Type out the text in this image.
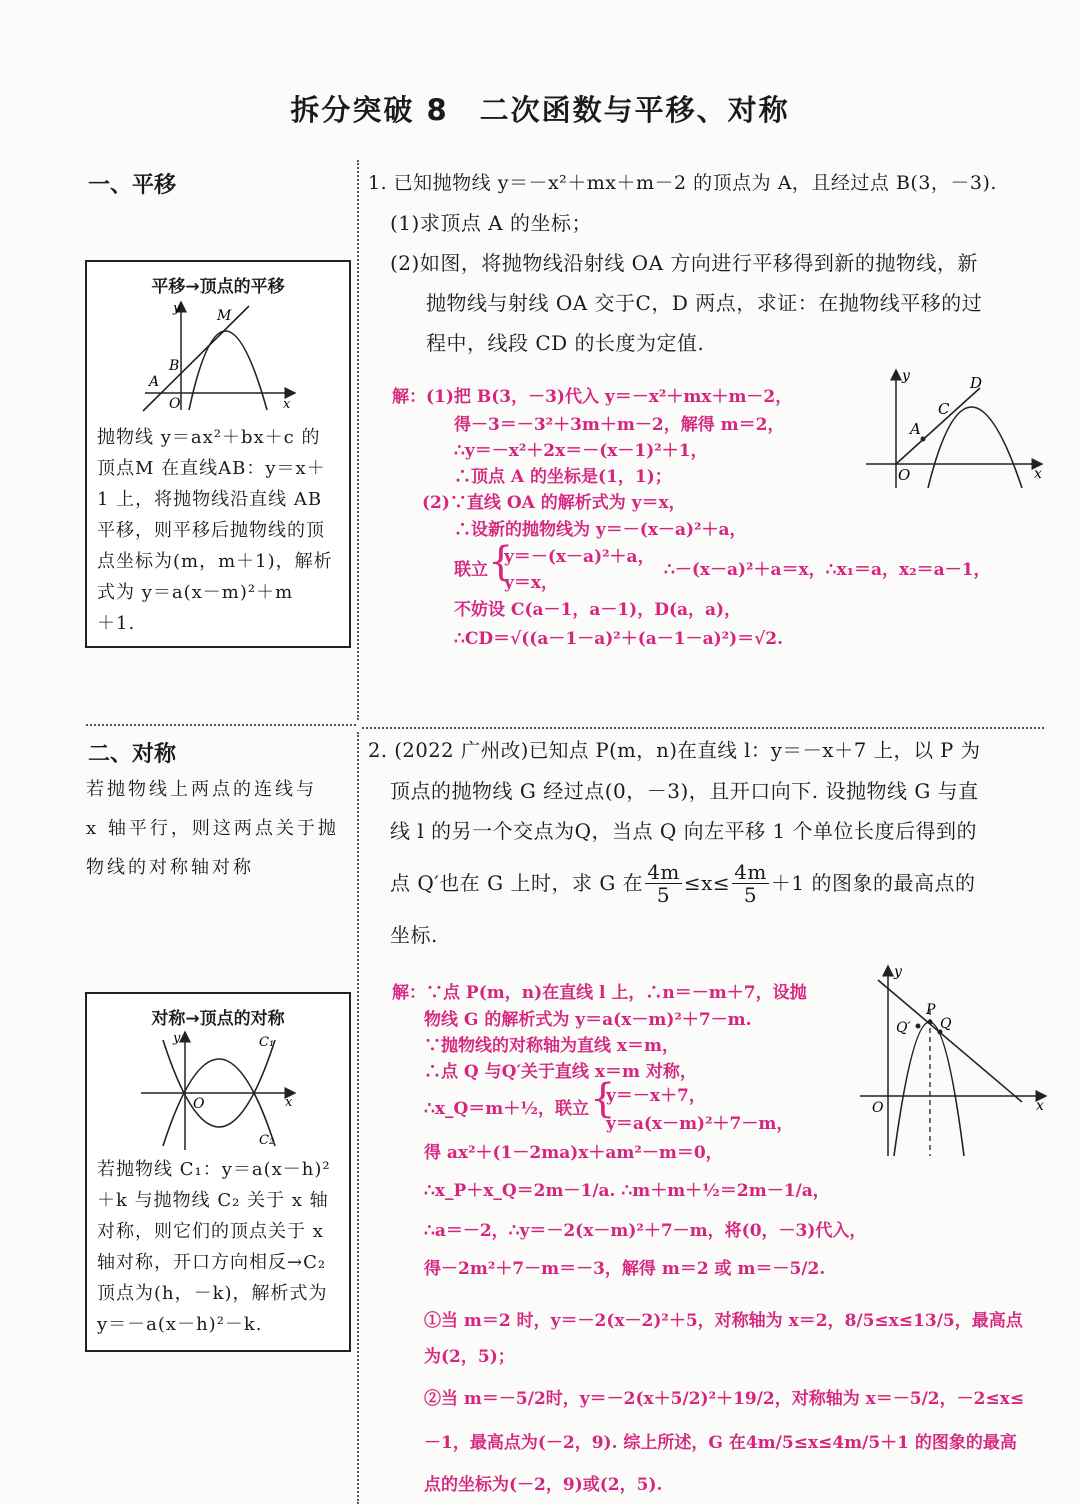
拆分突破 8　二次函数与平移、对称
一、平移
平移→顶点的平移
y	M
B
A
O	x
抛物线 y＝ax²＋bx＋c 的
顶点M 在直线AB：y＝x＋
1 上，将抛物线沿直线 AB
平移，则平移后抛物线的顶
点坐标为(m，m＋1)，解析
式为 y＝a(x－m)²＋m
＋1.
1. 已知抛物线 y＝－x²＋mx＋m－2 的顶点为 A，且经过点 B(3，－3).
(1)求顶点 A 的坐标；
(2)如图，将抛物线沿射线 OA 方向进行平移得到新的抛物线，新
抛物线与射线 OA 交于C，D 两点，求证：在抛物线平移的过
程中，线段 CD 的长度为定值.
解：(1)把 B(3，－3)代入 y＝－x²＋mx＋m－2，
得－3＝－3²＋3m＋m－2，解得 m＝2，
∴y＝－x²＋2x＝－(x－1)²＋1，
∴顶点 A 的坐标是(1，1)；
(2)∵直线 OA 的解析式为 y＝x，
∴设新的抛物线为 y＝－(x－a)²＋a，
联立 {
y＝－(x－a)²＋a，
y＝x，
∴－(x－a)²＋a＝x，∴x₁＝a，x₂＝a－1，
不妨设 C(a－1，a－1)，D(a，a)，
∴CD＝√((a－1－a)²＋(a－1－a)²)＝√2.
y	D
C
A
O	x
二、对称
若抛物线上两点的连线与
x 轴平行，则这两点关于抛
物线的对称轴对称
对称→顶点的对称
y	C₁
O	x
C₂
若抛物线 C₁：y＝a(x－h)²
＋k 与抛物线 C₂ 关于 x 轴
对称，则它们的顶点关于 x
轴对称，开口方向相反→C₂
顶点为(h，－k)，解析式为
y＝－a(x－h)²－k.
2. (2022 广州改)已知点 P(m，n)在直线 l：y＝－x＋7 上，以 P 为
顶点的抛物线 G 经过点(0，－3)，且开口向下. 设抛物线 G 与直
线 l 的另一个交点为Q，当点 Q 向左平移 1 个单位长度后得到的
点 Q′也在 G 上时，求 G 在 $\frac{4m}{5} \le x\le \frac{4m}{5} +1$ 的图象的最高点的
坐标.
解：∵点 P(m，n)在直线 l 上，∴n＝－m＋7，设抛
物线 G 的解析式为 y＝a(x－m)²＋7－m.
∵抛物线的对称轴为直线 x＝m，
∴点 Q 与Q′关于直线 x＝m 对称，
∴x_Q＝m＋½，联立 {
y＝－x＋7，
y＝a(x－m)²＋7－m，
得 ax²＋(1－2ma)x＋am²－m＝0，
∴x_P＋x_Q＝2m－1/a. ∴m＋m＋½＝2m－1/a，
∴a＝－2，∴y＝－2(x－m)²＋7－m，将(0，－3)代入，
得－2m²＋7－m＝－3，解得 m＝2 或 m＝－5/2.
①当 m＝2 时，y＝－2(x－2)²＋5，对称轴为 x＝2，8/5≤x≤13/5，最高点
为(2，5)；
②当 m＝－5/2时，y＝－2(x＋5/2)²＋19/2，对称轴为 x＝－5/2，－2≤x≤
－1，最高点为(－2，9). 综上所述，G 在4m/5≤x≤4m/5＋1 的图象的最高
点的坐标为(－2，9)或(2，5).
y
P
Q′ Q
O	x
